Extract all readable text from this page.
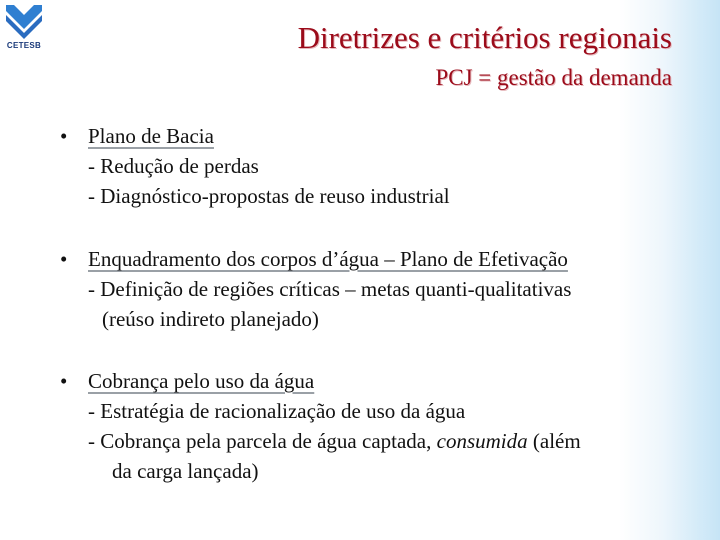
CETESB	Diretrizes e critérios regionais
PCJ = gestão da demanda
• Plano de Bacia
- Redução de perdas
- Diagnóstico-propostas de reuso industrial
• Enquadramento dos corpos d’água – Plano de Efetivação
- Definição de regiões críticas – metas quanti-qualitativas
(reúso indireto planejado)
• Cobrança pelo uso da água
- Estratégia de racionalização de uso da água
- Cobrança pela parcela de água captada, consumida (além
da carga lançada)
